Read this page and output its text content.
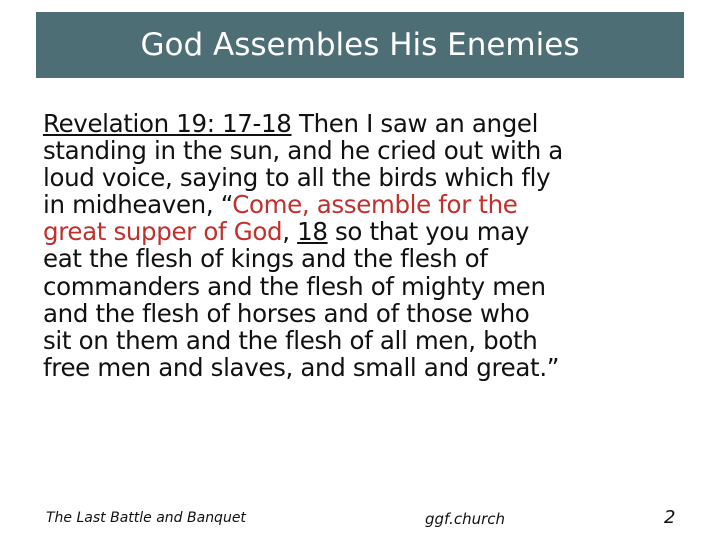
God Assembles His Enemies
Revelation 19: 17-18 Then I saw an angel
standing in the sun, and he cried out with a
loud voice, saying to all the birds which fly
in midheaven, “Come, assemble for the
great supper of God, 18 so that you may
eat the flesh of kings and the flesh of
commanders and the flesh of mighty men
and the flesh of horses and of those who
sit on them and the flesh of all men, both
free men and slaves, and small and great.”
The Last Battle and Banquet	ggf.church	2
